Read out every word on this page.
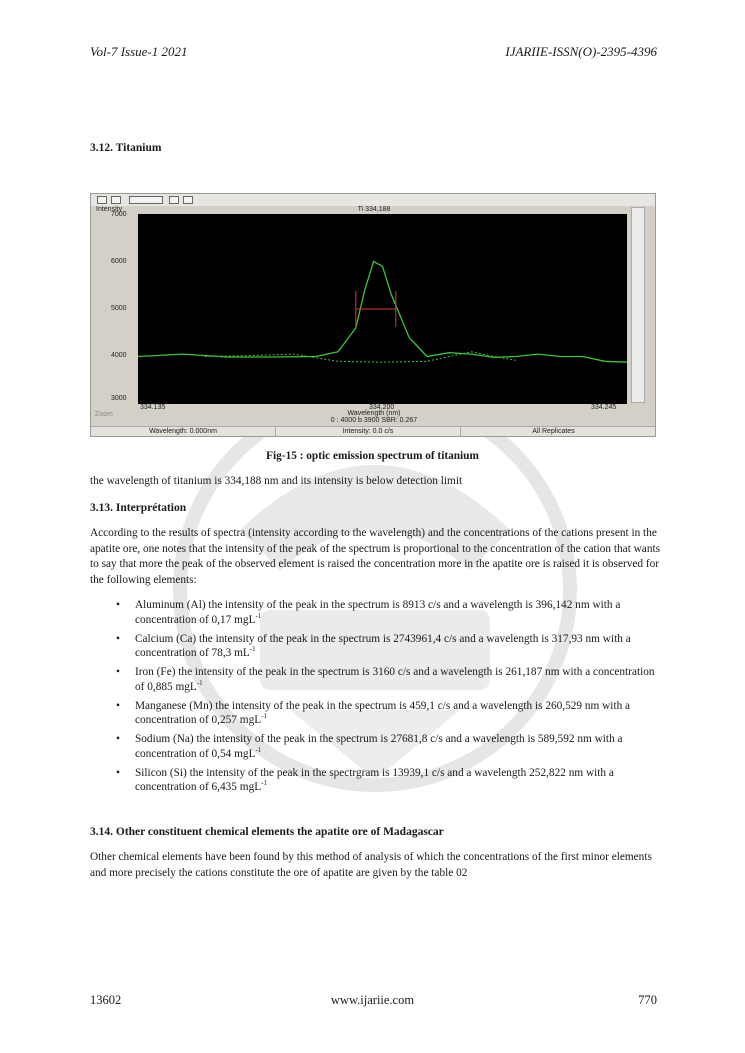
Vol-7 Issue-1 2021	IJARIIE-ISSN(O)-2395-4396
3.12. Titanium
Intensity	Ti 334,188
7000
6000
5000
4000
3000
334.135	334.200	334.245
Wavelength (nm)
Zoom
0 : 4000 b 3900 SBR: 0.267
Wavelength: 0.000nm	Intensity: 0.0 c/s	All Replicates
Fig-15 : optic emission spectrum of titanium
the wavelength of titanium is 334,188 nm and its intensity is below detection limit
3.13. Interprétation
According to the results of spectra (intensity according to the wavelength) and the concentrations of the cations present in the apatite ore, one notes that the intensity of the peak of the spectrum is proportional to the concentration of the cation that wants to say that more the peak of the observed element is raised the concentration more in the apatite ore is raised it is observed for the following elements:
• Aluminum (Al) the intensity of the peak in the spectrum is 8913 c/s and a wavelength is 396,142 nm with a concentration of 0,17 mgL$^{-1}$
• Calcium (Ca) the intensity of the peak in the spectrum is 2743961,4 c/s and a wavelength is 317,93 nm with a concentration of 78,3 $mL^{-1}$
• Iron (Fe) the intensity of the peak in the spectrum is 3160 c/s and a wavelength is 261,187 nm with a concentration of 0,885 mgL$^{-1}$
• Manganese (Mn) the intensity of the peak in the spectrum is 459,1 c/s and a wavelength is 260,529 nm with a concentration of 0,257 mgL$^{-1}$
• Sodium (Na) the intensity of the peak in the spectrum is 27681,8 c/s and a wavelength is 589,592 nm with a concentration of 0,54 mgL$^{-1}$
• Silicon (Si) the intensity of the peak in the spectrgram is 13939,1 c/s and a wavelength 252,822 nm with a concentration of 6,435 mgL$^{-1}$
3.14. Other constituent chemical elements the apatite ore of Madagascar
Other chemical elements have been found by this method of analysis of which the concentrations of the first minor elements and more precisely the cations constitute the ore of apatite are given by the table 02
13602	www.ijariie.com	770
